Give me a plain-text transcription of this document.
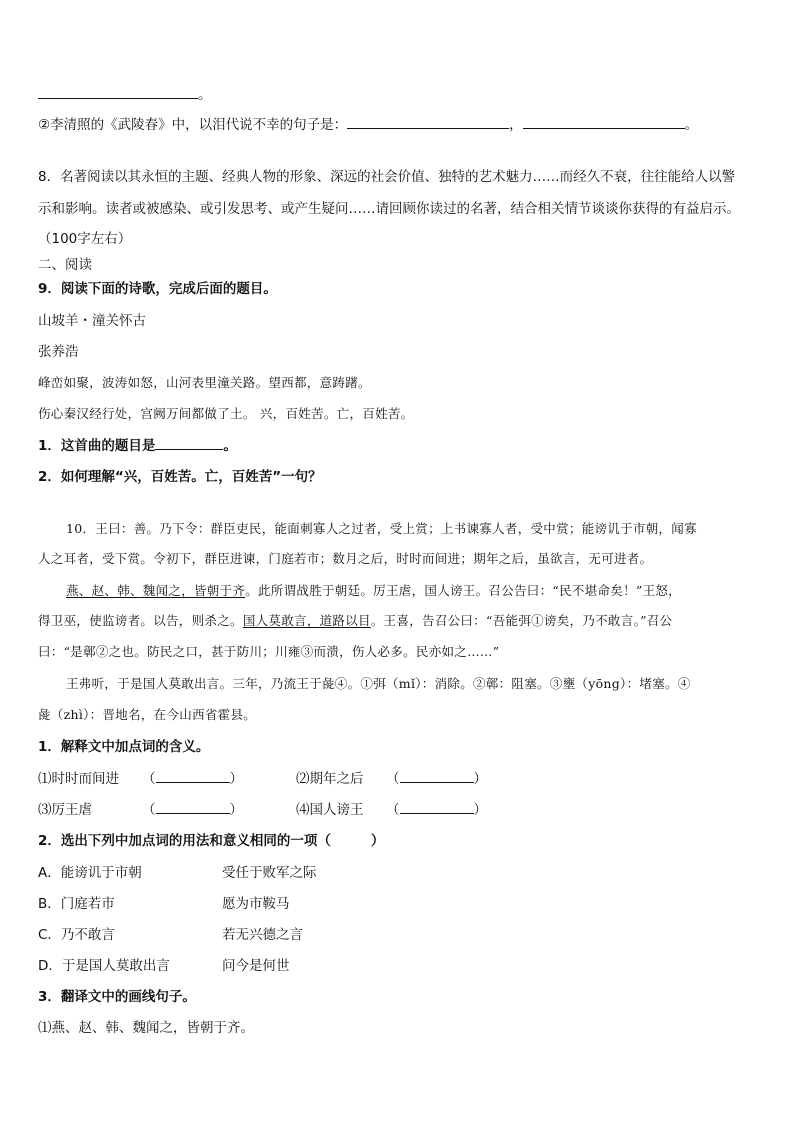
。
②李清照的《武陵春》中，以泪代说不幸的句子是：	，	。
8．名著阅读以其永恒的主题、经典人物的形象、深远的社会价值、独特的艺术魅力……而经久不衰，往往能给人以警
示和影响。读者或被感染、或引发思考、或产生疑问……请回顾你读过的名著，结合相关情节谈谈你获得的有益启示。
（100字左右）
二、阅读
9．阅读下面的诗歌，完成后面的题目。
山坡羊・潼关怀古
张养浩
峰峦如聚，波涛如怒，山河表里潼关路。望西都，意踌躇。
伤心秦汉经行处，宫阙万间都做了土。 兴，百姓苦。亡，百姓苦。
1．这首曲的题目是	。
2．如何理解“兴，百姓苦。亡，百姓苦”一句？
10．王曰：善。乃下令：群臣吏民，能面刺寡人之过者，受上赏；上书谏寡人者，受中赏；能谤讥于市朝，闻寡
人之耳者，受下赏。令初下，群臣进谏，门庭若市；数月之后，时时而间进；期年之后，虽欲言，无可进者。
燕、赵、韩、魏闻之，皆朝于齐。此所谓战胜于朝廷。厉王虐，国人谤王。召公告曰：“民不堪命矣！”王怒，
得卫巫，使监谤者。以告，则杀之。国人莫敢言，道路以目。王喜，告召公曰：“吾能弭①谤矣，乃不敢言。”召公
曰：“是鄣②之也。防民之口，甚于防川；川雍③而溃，伤人必多。民亦如之……”
王弗听，于是国人莫敢出言。三年，乃流王于彘④。①弭（mǐ）：消除。②鄣：阻塞。③壅（yōng）：堵塞。④
彘（zhì）：晋地名，在今山西省霍县。
1．解释文中加点词的含义。
⑴时时而间进 （	）	⑵期年之后 （	）
⑶厉王虐	（	）	⑷国人谤王 （	）
2．选出下列中加点词的用法和意义相同的一项（	）
A．能谤讥于市朝	受任于败军之际
B．门庭若市	愿为市鞍马
C．乃不敢言	若无兴德之言
D．于是国人莫敢出言	问今是何世
3．翻译文中的画线句子。
⑴燕、赵、韩、魏闻之，皆朝于齐。
